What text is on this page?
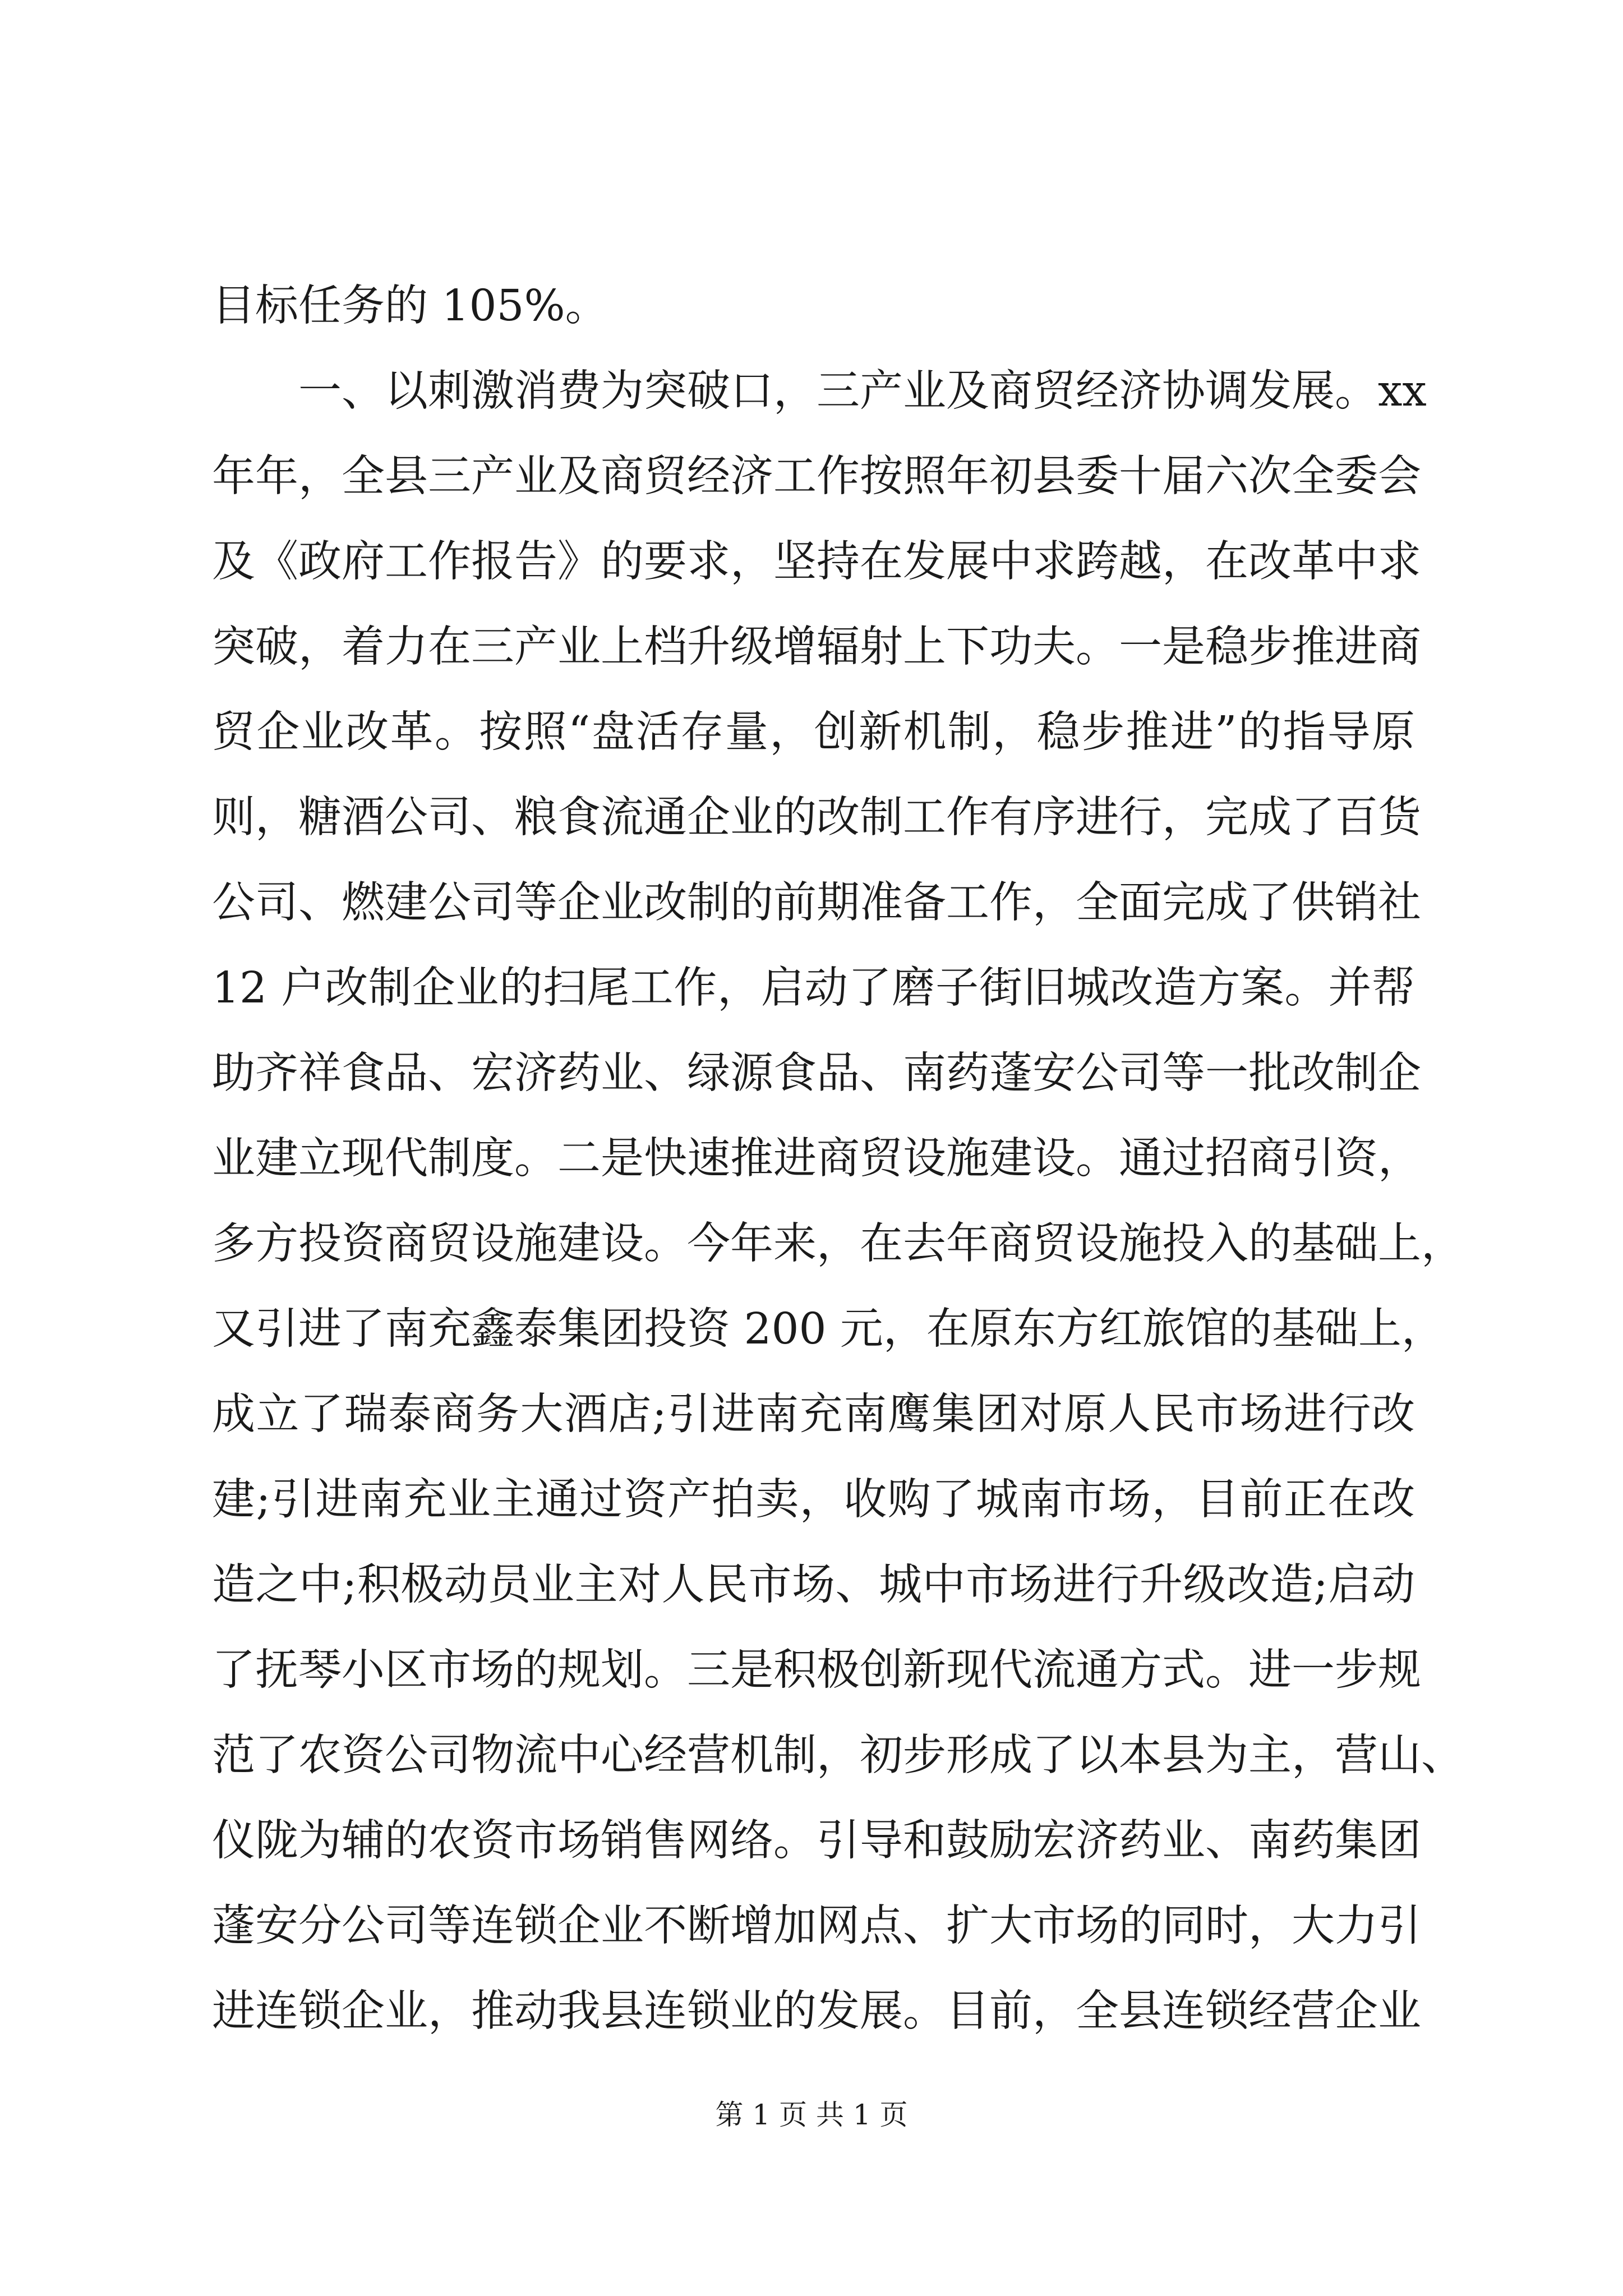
目标任务的 105%。
一、以刺激消费为突破口，三产业及商贸经济协调发展。xx
年年，全县三产业及商贸经济工作按照年初县委十届六次全委会
及《政府工作报告》的要求，坚持在发展中求跨越，在改革中求
突破，着力在三产业上档升级增辐射上下功夫。一是稳步推进商
贸企业改革。按照“盘活存量，创新机制，稳步推进”的指导原
则，糖酒公司、粮食流通企业的改制工作有序进行，完成了百货
公司、燃建公司等企业改制的前期准备工作，全面完成了供销社
12 户改制企业的扫尾工作，启动了磨子街旧城改造方案。并帮
助齐祥食品、宏济药业、绿源食品、南药蓬安公司等一批改制企
业建立现代制度。二是快速推进商贸设施建设。通过招商引资，
多方投资商贸设施建设。今年来，在去年商贸设施投入的基础上，
又引进了南充鑫泰集团投资 200 元，在原东方红旅馆的基础上，
成立了瑞泰商务大酒店;引进南充南鹰集团对原人民市场进行改
建;引进南充业主通过资产拍卖，收购了城南市场，目前正在改
造之中;积极动员业主对人民市场、城中市场进行升级改造;启动
了抚琴小区市场的规划。三是积极创新现代流通方式。进一步规
范了农资公司物流中心经营机制，初步形成了以本县为主，营山、
仪陇为辅的农资市场销售网络。引导和鼓励宏济药业、南药集团
蓬安分公司等连锁企业不断增加网点、扩大市场的同时，大力引
进连锁企业，推动我县连锁业的发展。目前，全县连锁经营企业
第 1 页 共 1 页
